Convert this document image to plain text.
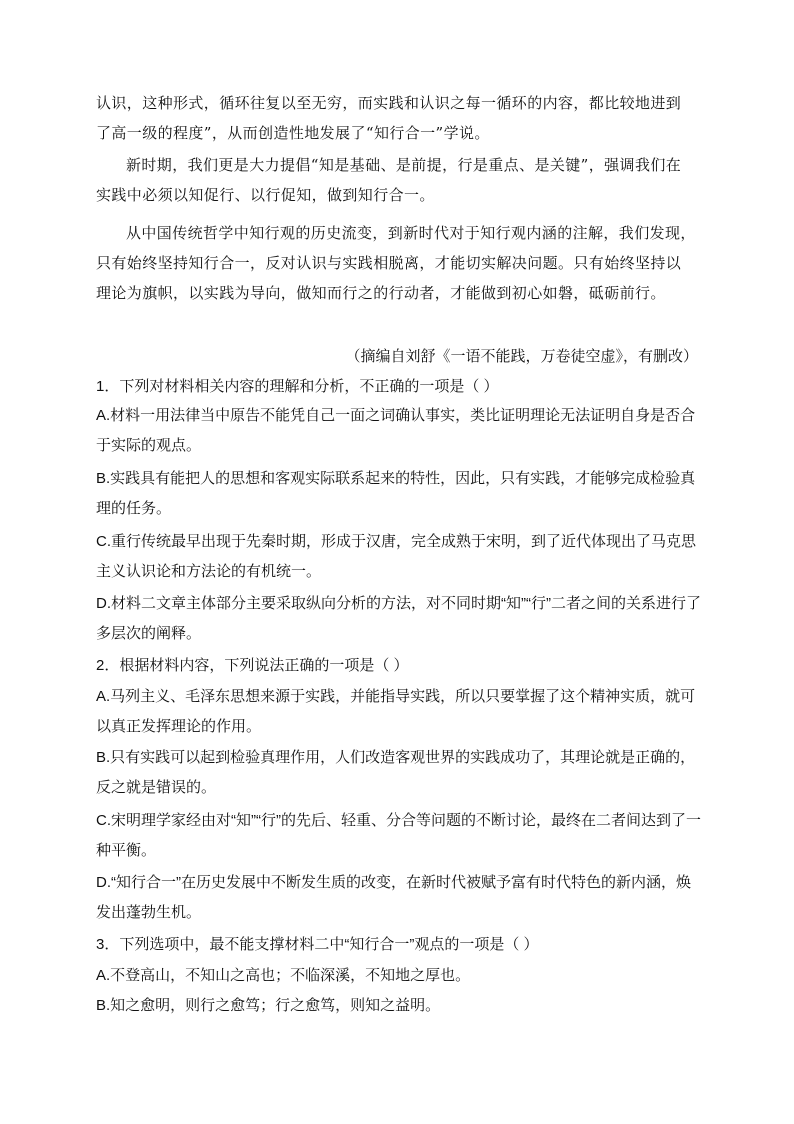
认识，这种形式，循环往复以至无穷，而实践和认识之每一循环的内容，都比较地进到了高一级的程度”，从而创造性地发展了“知行合一”学说。

新时期，我们更是大力提倡“知是基础、是前提，行是重点、是关键”，强调我们在实践中必须以知促行、以行促知，做到知行合一。

从中国传统哲学中知行观的历史流变，到新时代对于知行观内涵的注解，我们发现，只有始终坚持知行合一，反对认识与实践相脱离，才能切实解决问题。只有始终坚持以理论为旗帜，以实践为导向，做知而行之的行动者，才能做到初心如磐，砥砺前行。

（摘编自刘舒《一语不能践，万卷徒空虚》，有删改）

1．下列对材料相关内容的理解和分析，不正确的一项是（ ）

A.材料一用法律当中原告不能凭自己一面之词确认事实，类比证明理论无法证明自身是否合于实际的观点。

B.实践具有能把人的思想和客观实际联系起来的特性，因此，只有实践，才能够完成检验真理的任务。

C.重行传统最早出现于先秦时期，形成于汉唐，完全成熟于宋明，到了近代体现出了马克思主义认识论和方法论的有机统一。

D.材料二文章主体部分主要采取纵向分析的方法，对不同时期“知”“行”二者之间的关系进行了多层次的阐释。

2．根据材料内容，下列说法正确的一项是（ ）

A.马列主义、毛泽东思想来源于实践，并能指导实践，所以只要掌握了这个精神实质，就可以真正发挥理论的作用。

B.只有实践可以起到检验真理作用，人们改造客观世界的实践成功了，其理论就是正确的，反之就是错误的。

C.宋明理学家经由对“知”“行”的先后、轻重、分合等问题的不断讨论，最终在二者间达到了一种平衡。

D.“知行合一”在历史发展中不断发生质的改变，在新时代被赋予富有时代特色的新内涵，焕发出蓬勃生机。

3．下列选项中，最不能支撑材料二中“知行合一”观点的一项是（ ）

A.不登高山，不知山之高也；不临深溪，不知地之厚也。

B.知之愈明，则行之愈笃；行之愈笃，则知之益明。
